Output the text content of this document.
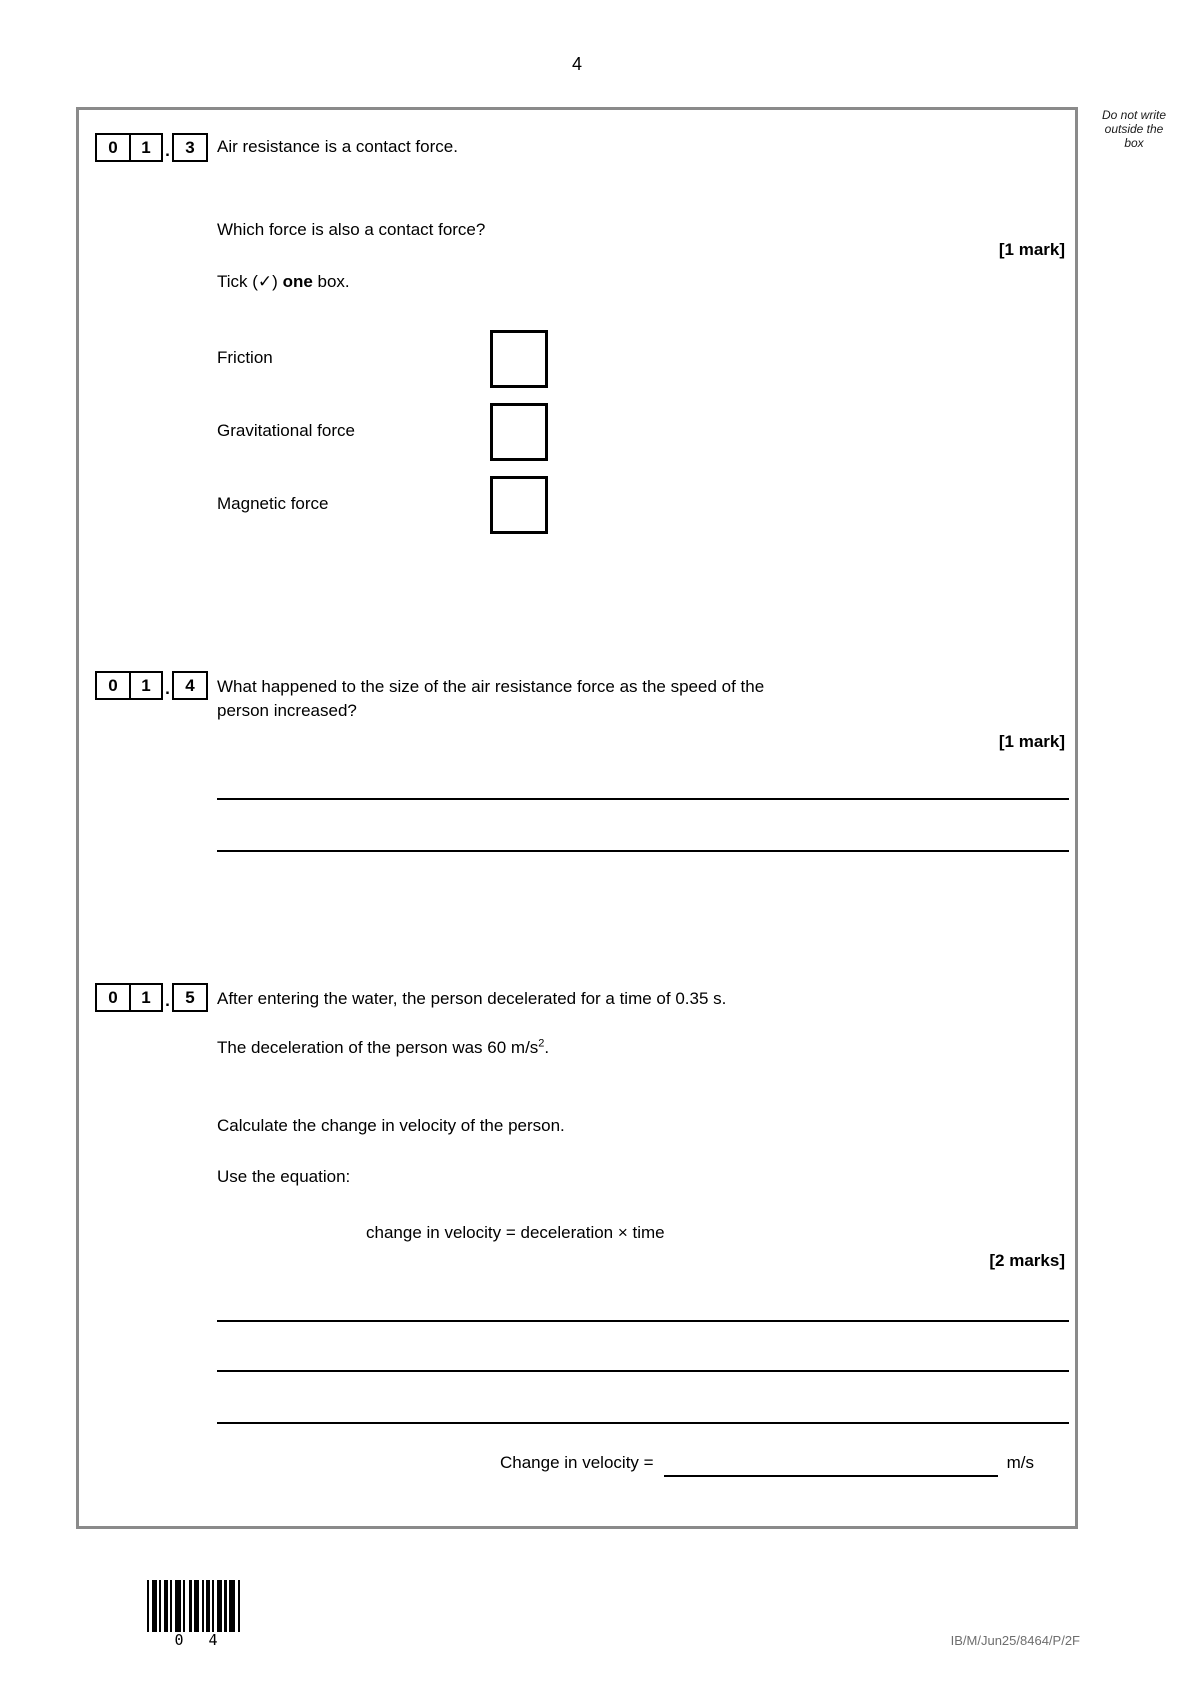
4
Do not write
outside the
box
0	1 . 3	Air resistance is a contact force.
Which force is also a contact force?
[1 mark]
Tick (✓) one box.
Friction
Gravitational force
Magnetic force
0	1 . 4	What happened to the size of the air resistance force as the speed of the
person increased?
[1 mark]
0	1 . 5	After entering the water, the person decelerated for a time of 0.35 s.
The deceleration of the person was 60 $m/s^2$.
Calculate the change in velocity of the person.
Use the equation:
change in velocity = deceleration × time
[2 marks]
Change in velocity =	m/s
0 4	IB/M/Jun25/8464/P/2F
